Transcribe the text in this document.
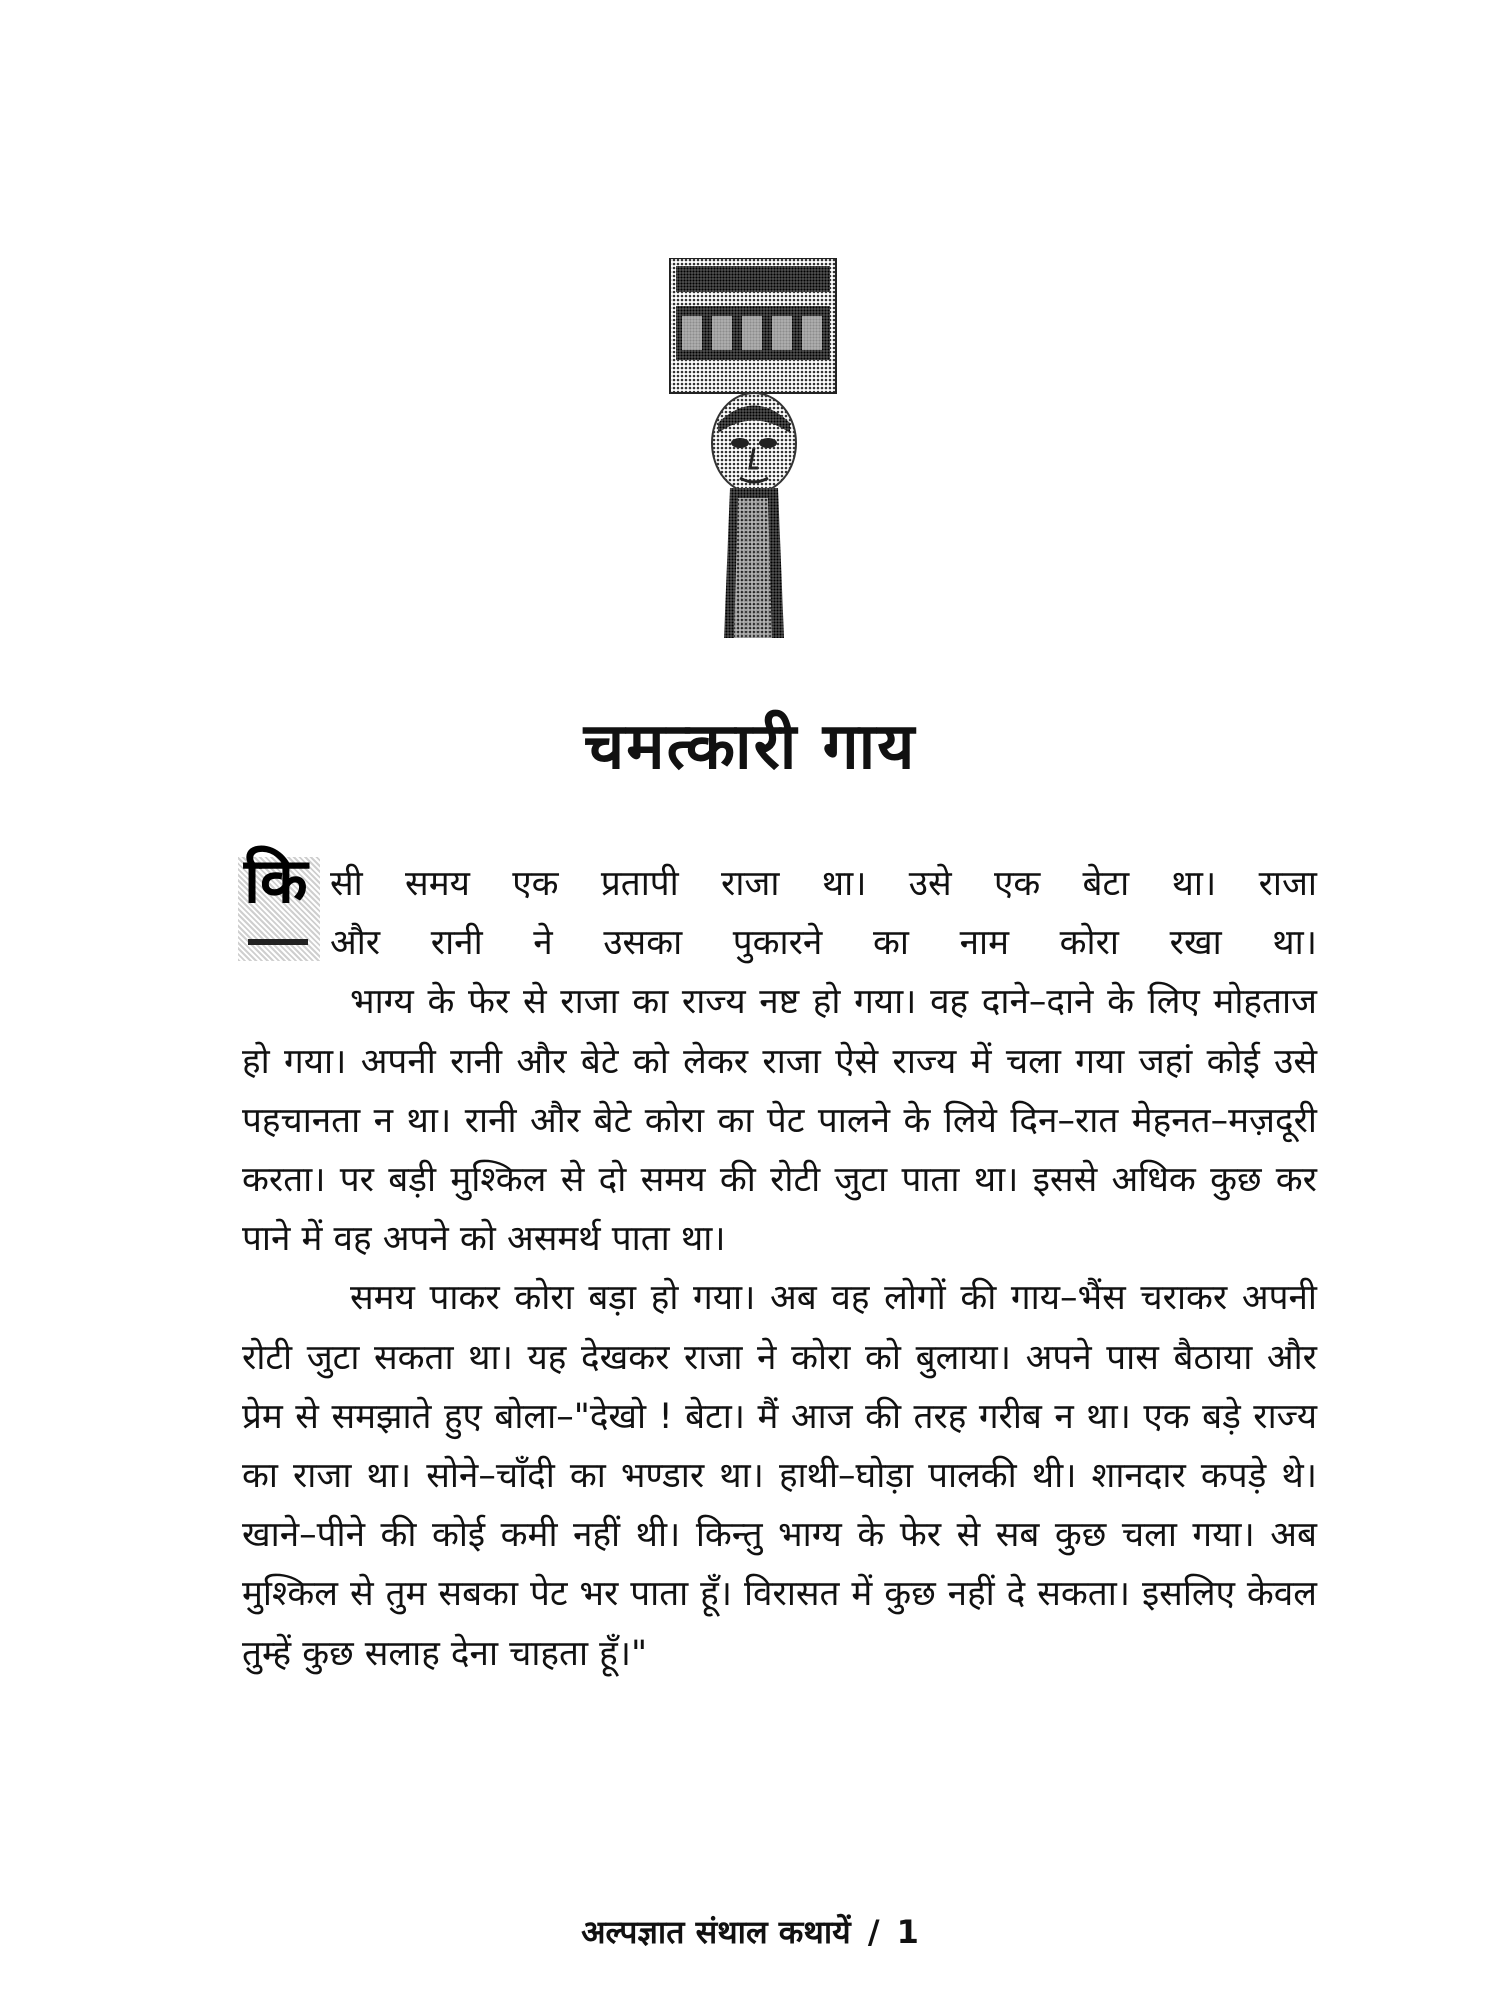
चमत्कारी गाय
कि सी समय एक प्रतापी राजा था। उसे एक बेटा था। राजा
और रानी ने उसका पुकारने का नाम कोरा रखा था।

भाग्य के फेर से राजा का राज्य नष्ट हो गया। वह दाने–दाने के लिए मोहताज हो गया। अपनी रानी और बेटे को लेकर राजा ऐसे राज्य में चला गया जहां कोई उसे पहचानता न था। रानी और बेटे कोरा का पेट पालने के लिये दिन–रात मेहनत–मज़दूरी करता। पर बड़ी मुश्किल से दो समय की रोटी जुटा पाता था। इससे अधिक कुछ कर पाने में वह अपने को असमर्थ पाता था।

समय पाकर कोरा बड़ा हो गया। अब वह लोगों की गाय–भैंस चराकर अपनी रोटी जुटा सकता था। यह देखकर राजा ने कोरा को बुलाया। अपने पास बैठाया और प्रेम से समझाते हुए बोला–"देखो ! बेटा। मैं आज की तरह गरीब न था। एक बड़े राज्य का राजा था। सोने–चाँदी का भण्डार था। हाथी–घोड़ा पालकी थी। शानदार कपड़े थे। खाने–पीने की कोई कमी नहीं थी। किन्तु भाग्य के फेर से सब कुछ चला गया। अब मुश्किल से तुम सबका पेट भर पाता हूँ। विरासत में कुछ नहीं दे सकता। इसलिए केवल तुम्हें कुछ सलाह देना चाहता हूँ।"

अल्पज्ञात संथाल कथायें / 1
